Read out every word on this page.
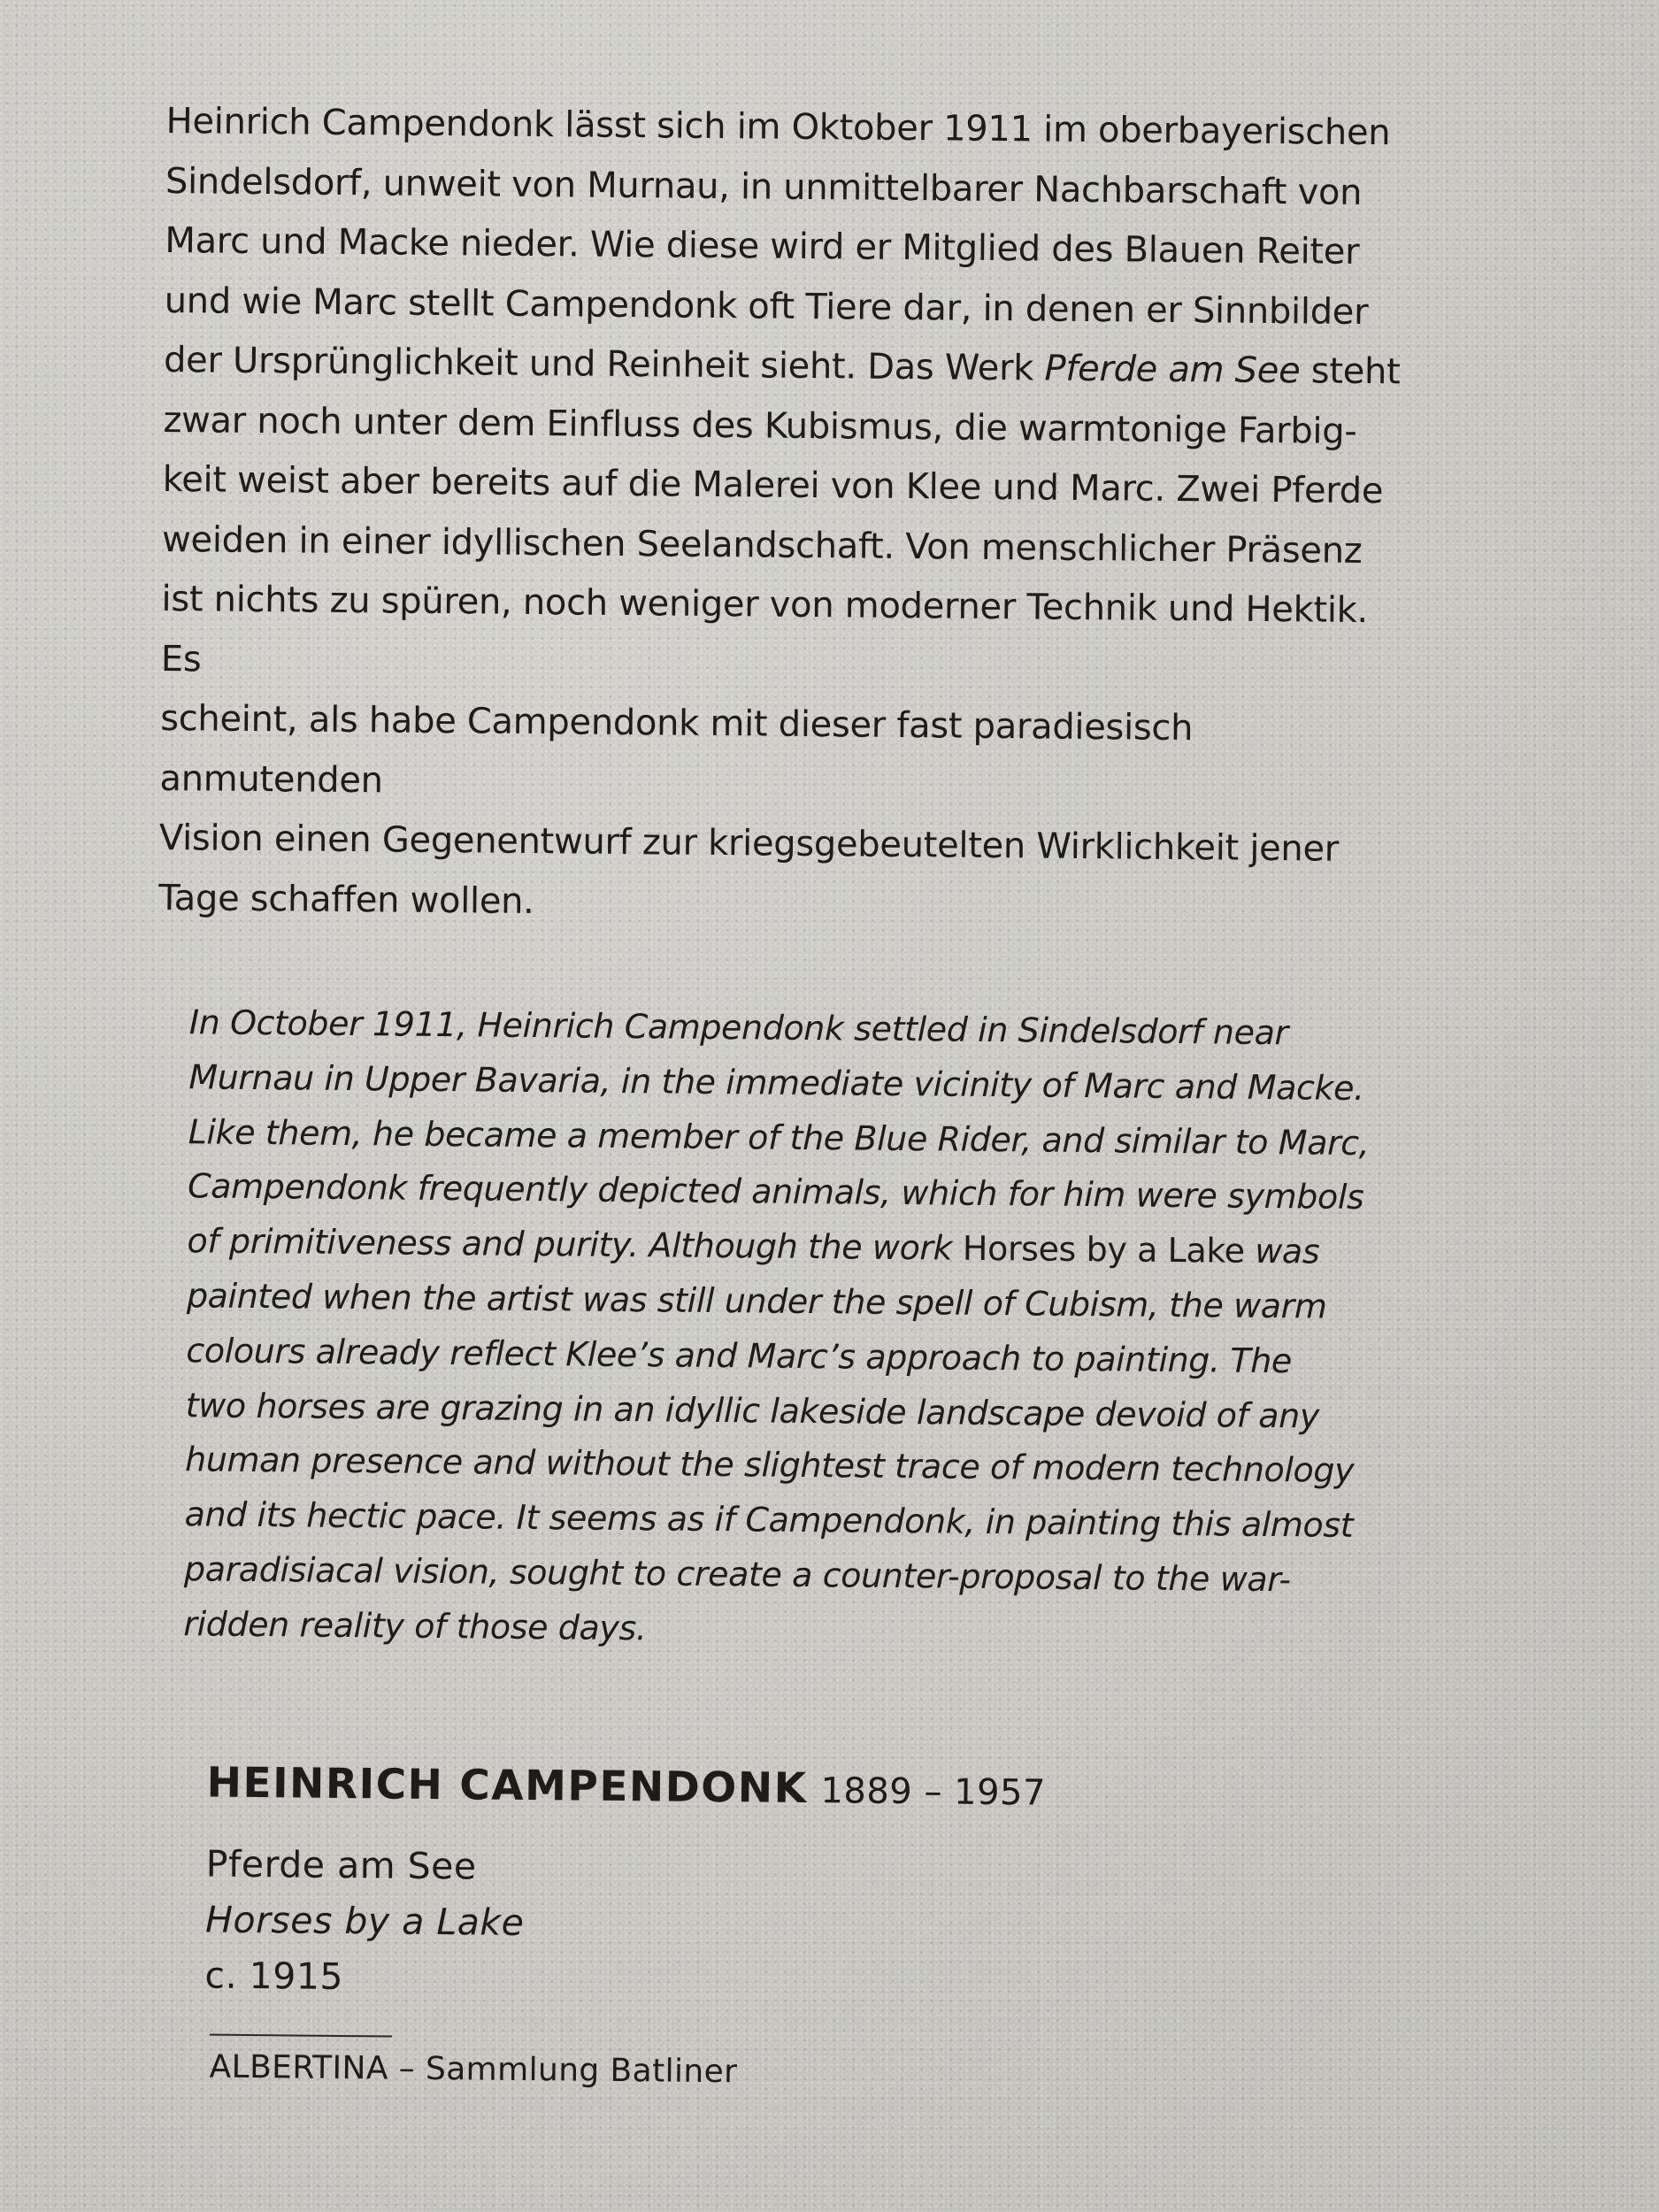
Heinrich Campendonk lässt sich im Oktober 1911 im oberbayerischen
Sindelsdorf, unweit von Murnau, in unmittelbarer Nachbarschaft von
Marc und Macke nieder. Wie diese wird er Mitglied des Blauen Reiter
und wie Marc stellt Campendonk oft Tiere dar, in denen er Sinnbilder
der Ursprünglichkeit und Reinheit sieht. Das Werk Pferde am See steht
zwar noch unter dem Einfluss des Kubismus, die warmtonige Farbig-
keit weist aber bereits auf die Malerei von Klee und Marc. Zwei Pferde
weiden in einer idyllischen Seelandschaft. Von menschlicher Präsenz
ist nichts zu spüren, noch weniger von moderner Technik und Hektik. Es
scheint, als habe Campendonk mit dieser fast paradiesisch anmutenden
Vision einen Gegenentwurf zur kriegsgebeutelten Wirklichkeit jener
Tage schaffen wollen.

In October 1911, Heinrich Campendonk settled in Sindelsdorf near
Murnau in Upper Bavaria, in the immediate vicinity of Marc and Macke.
Like them, he became a member of the Blue Rider, and similar to Marc,
Campendonk frequently depicted animals, which for him were symbols
of primitiveness and purity. Although the work Horses by a Lake was
painted when the artist was still under the spell of Cubism, the warm
colours already reflect Klee’s and Marc’s approach to painting. The
two horses are grazing in an idyllic lakeside landscape devoid of any
human presence and without the slightest trace of modern technology
and its hectic pace. It seems as if Campendonk, in painting this almost
paradisiacal vision, sought to create a counter-proposal to the war-
ridden reality of those days.

HEINRICH CAMPENDONK 1889 – 1957

Pferde am See

Horses by a Lake

c. 1915

ALBERTINA – Sammlung Batliner
